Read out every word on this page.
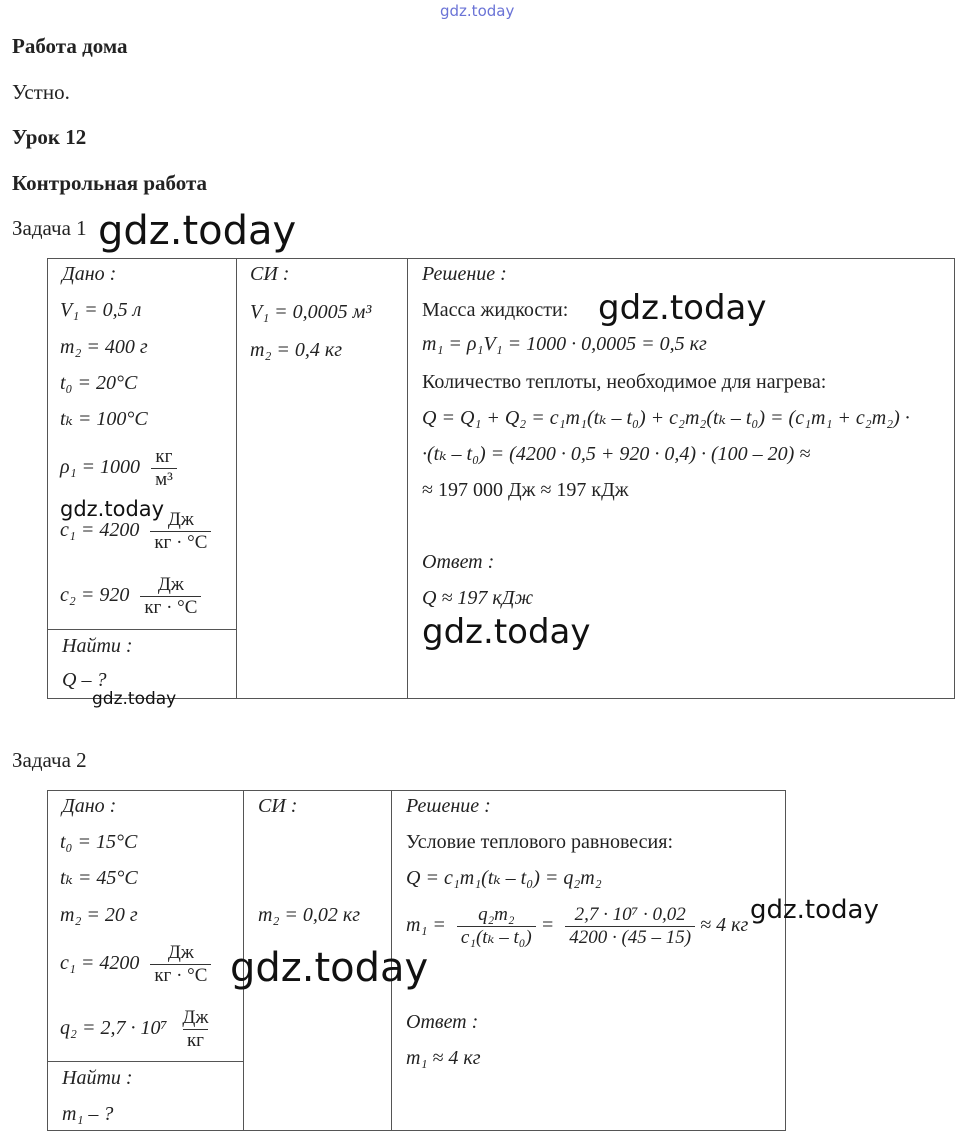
gdz.today
Работа дома
Устно.
Урок 12
Контрольная работа
Задача 1 gdz.today
Дано :
V₁ = 0,5 л
m₂ = 400 г
t₀ = 20°C
tₖ = 100°C
$\rho_1 = 1000 \frac{кг}{\text{м³}}$
gdz.today
$c_1 = 4200 \frac{Дж}{кг \cdot ^\circ C}$
$c_2 = 920 \frac{Дж}{кг \cdot ^\circ C}$
Найти :
Q – ?
gdz.today
СИ :
V₁ = 0,0005 м³
m₂ = 0,4 кг
Решение :
Масса жидкости: gdz.today
m₁ = ρ₁V₁ = 1000 · 0,0005 = 0,5 кг
Количество теплоты, необходимое для нагрева:
Q = Q₁ + Q₂ = c₁m₁(tₖ – t₀) + c₂m₂(tₖ – t₀) = (c₁m₁ + c₂m₂) ·
·(tₖ – t₀) = (4200 · 0,5 + 920 · 0,4) · (100 – 20) ≈
≈ 197 000 Дж ≈ 197 кДж
Ответ :
Q ≈ 197 кДж
gdz.today
Задача 2
Дано :
t₀ = 15°C
tₖ = 45°C
m₂ = 20 г
$c_1 = 4200 \frac{Дж}{кг \cdot ^\circ C}$
$q_2 = 2,7 \cdot 10^7 \frac{Дж}{кг}$
Найти :
m₁ – ?
СИ :
m₂ = 0,02 кг
gdz.today
Решение :
Условие теплового равновесия:
Q = c₁m₁(tₖ – t₀) = q₂m₂
$m_1 = \frac{\text{q₂m₂}}{\text{c₁(tₖ – t₀)}} = \frac{\text{2,7 · 10⁷ · 0,02}}{4200 \cdot (45 - 15)} \approx 4$ кг
gdz.today
Ответ :
m₁ ≈ 4 кг
